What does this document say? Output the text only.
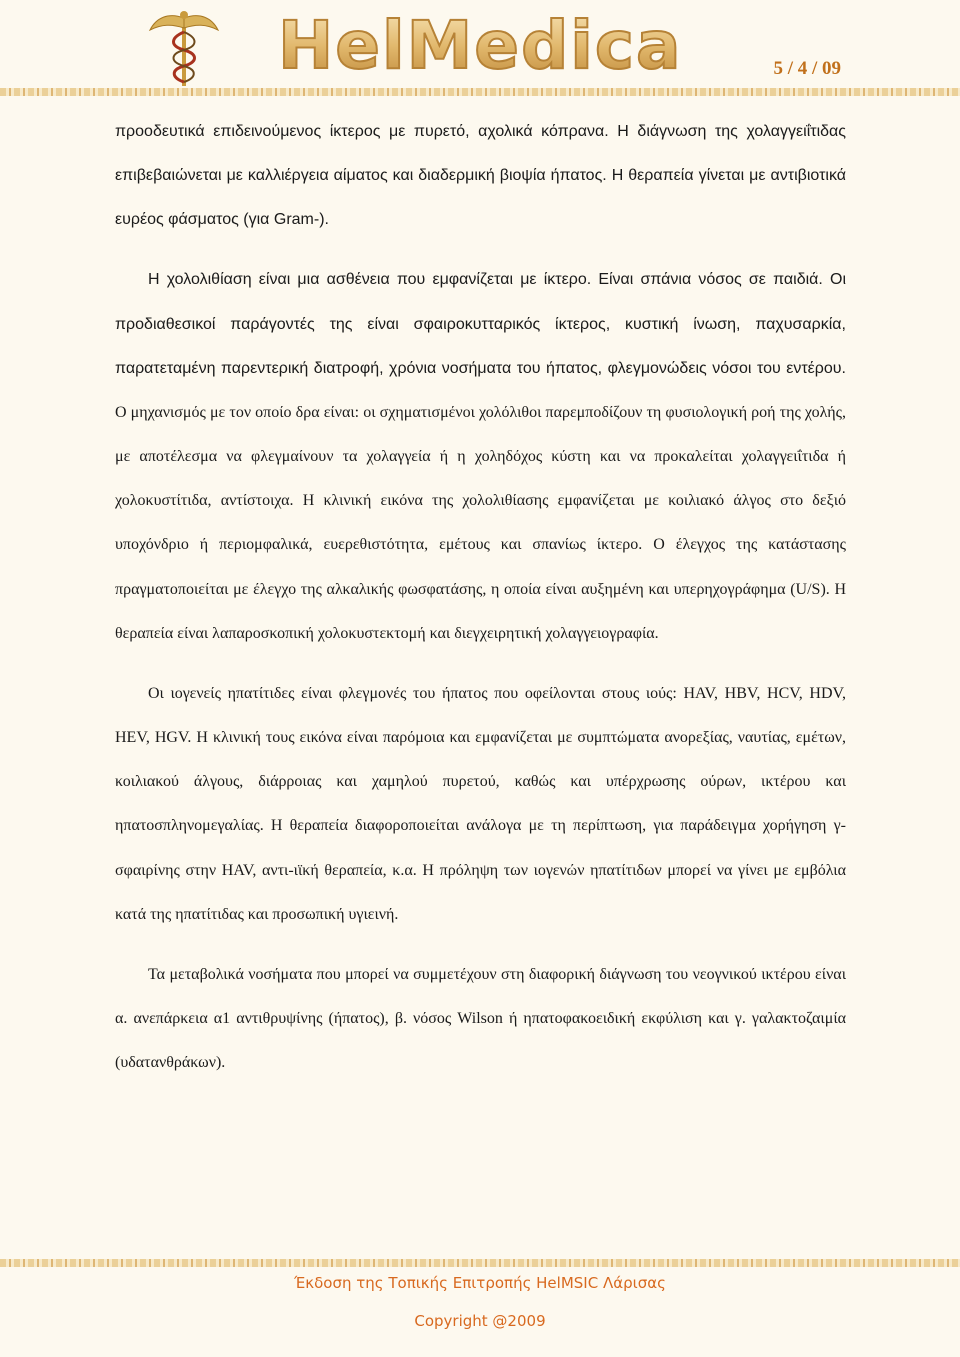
HelMedica	5 / 4 / 09
προοδευτικά επιδεινούμενος ίκτερος με πυρετό, αχολικά κόπρανα. Η διάγνωση της χολαγγειΐτιδας επιβεβαιώνεται με καλλιέργεια αίματος και διαδερμική βιοψία ήπατος. Η θεραπεία γίνεται με αντιβιοτικά ευρέος φάσματος (για Gram-).
Η χολολιθίαση είναι μια ασθένεια που εμφανίζεται με ίκτερο. Είναι σπάνια νόσος σε παιδιά. Οι προδιαθεσικοί παράγοντές της είναι σφαιροκυτταρικός ίκτερος, κυστική ίνωση, παχυσαρκία, παρατεταμένη παρεντερική διατροφή, χρόνια νοσήματα του ήπατος, φλεγμονώδεις νόσοι του εντέρου. Ο μηχανισμός με τον οποίο δρα είναι: οι σχηματισμένοι χολόλιθοι παρεμποδίζουν τη φυσιολογική ροή της χολής, με αποτέλεσμα να φλεγμαίνουν τα χολαγγεία ή η χοληδόχος κύστη και να προκαλείται χολαγγειΐτιδα ή χολοκυστίτιδα, αντίστοιχα. Η κλινική εικόνα της χολολιθίασης εμφανίζεται με κοιλιακό άλγος στο δεξιό υποχόνδριο ή περιομφαλικά, ευερεθιστότητα, εμέτους και σπανίως ίκτερο. Ο έλεγχος της κατάστασης πραγματοποιείται με έλεγχο της αλκαλικής φωσφατάσης, η οποία είναι αυξημένη και υπερηχογράφημα (U/S). Η θεραπεία είναι λαπαροσκοπική χολοκυστεκτομή και διεγχειρητική χολαγγειογραφία.
Οι ιογενείς ηπατίτιδες είναι φλεγμονές του ήπατος που οφείλονται στους ιούς: HAV, HBV, HCV, HDV, HEV, HGV. Η κλινική τους εικόνα είναι παρόμοια και εμφανίζεται με συμπτώματα ανορεξίας, ναυτίας, εμέτων, κοιλιακού άλγους, διάρροιας και χαμηλού πυρετού, καθώς και υπέρχρωσης ούρων, ικτέρου και ηπατοσπληνομεγαλίας. Η θεραπεία διαφοροποιείται ανάλογα με τη περίπτωση, για παράδειγμα χορήγηση γ-σφαιρίνης στην HAV, αντι-ιϊκή θεραπεία, κ.α. Η πρόληψη των ιογενών ηπατίτιδων μπορεί να γίνει με εμβόλια κατά της ηπατίτιδας και προσωπική υγιεινή.
Τα μεταβολικά νοσήματα που μπορεί να συμμετέχουν στη διαφορική διάγνωση του νεογνικού ικτέρου είναι α. ανεπάρκεια α1 αντιθρυψίνης (ήπατος), β. νόσος Wilson ή ηπατοφακοειδική εκφύλιση και γ. γαλακτοζαιμία (υδατανθράκων).
Έκδοση της Τοπικής Επιτροπής HelMSIC Λάρισας
Copyright @2009
